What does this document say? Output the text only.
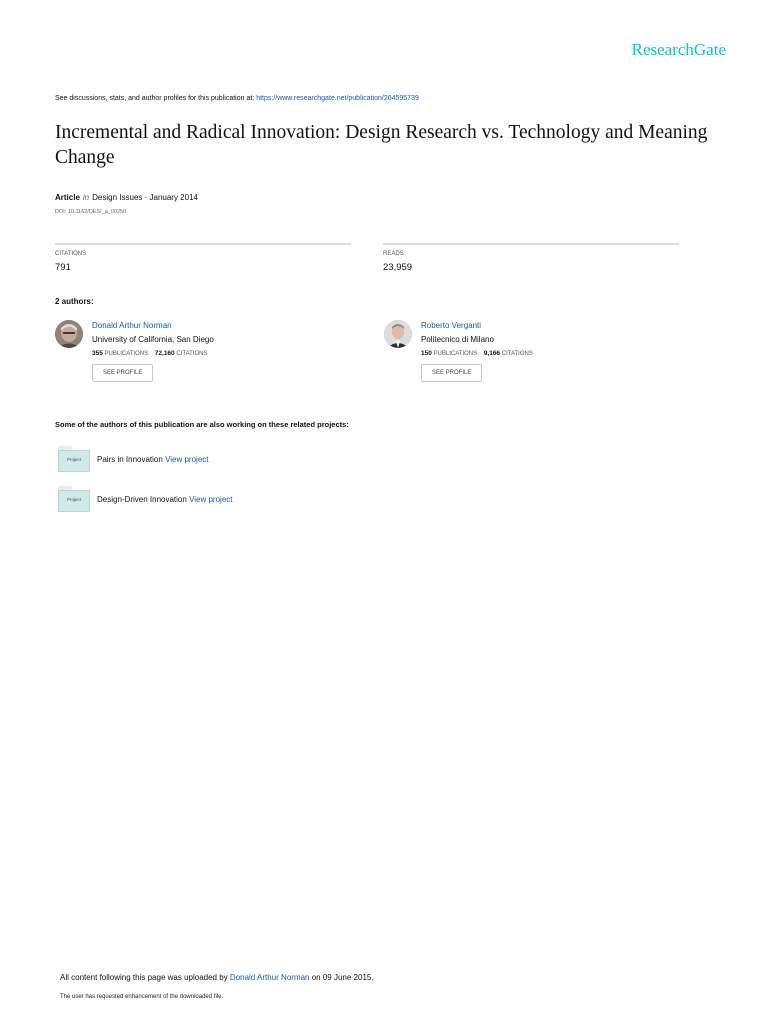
ResearchGate
See discussions, stats, and author profiles for this publication at: https://www.researchgate.net/publication/264595739
Incremental and Radical Innovation: Design Research vs. Technology and Meaning Change
Article in Design Issues · January 2014
DOI: 10.1162/DESI_a_00250
CITATIONS
791
READS
23,959
2 authors:
Donald Arthur Norman
University of California, San Diego
355 PUBLICATIONS 72,160 CITATIONS
SEE PROFILE
Roberto Verganti
Politecnico di Milano
150 PUBLICATIONS 9,166 CITATIONS
SEE PROFILE
Some of the authors of this publication are also working on these related projects:
Project	Pairs in Innovation View project
Project	Design-Driven Innovation View project
All content following this page was uploaded by Donald Arthur Norman on 09 June 2015.
The user has requested enhancement of the downloaded file.
